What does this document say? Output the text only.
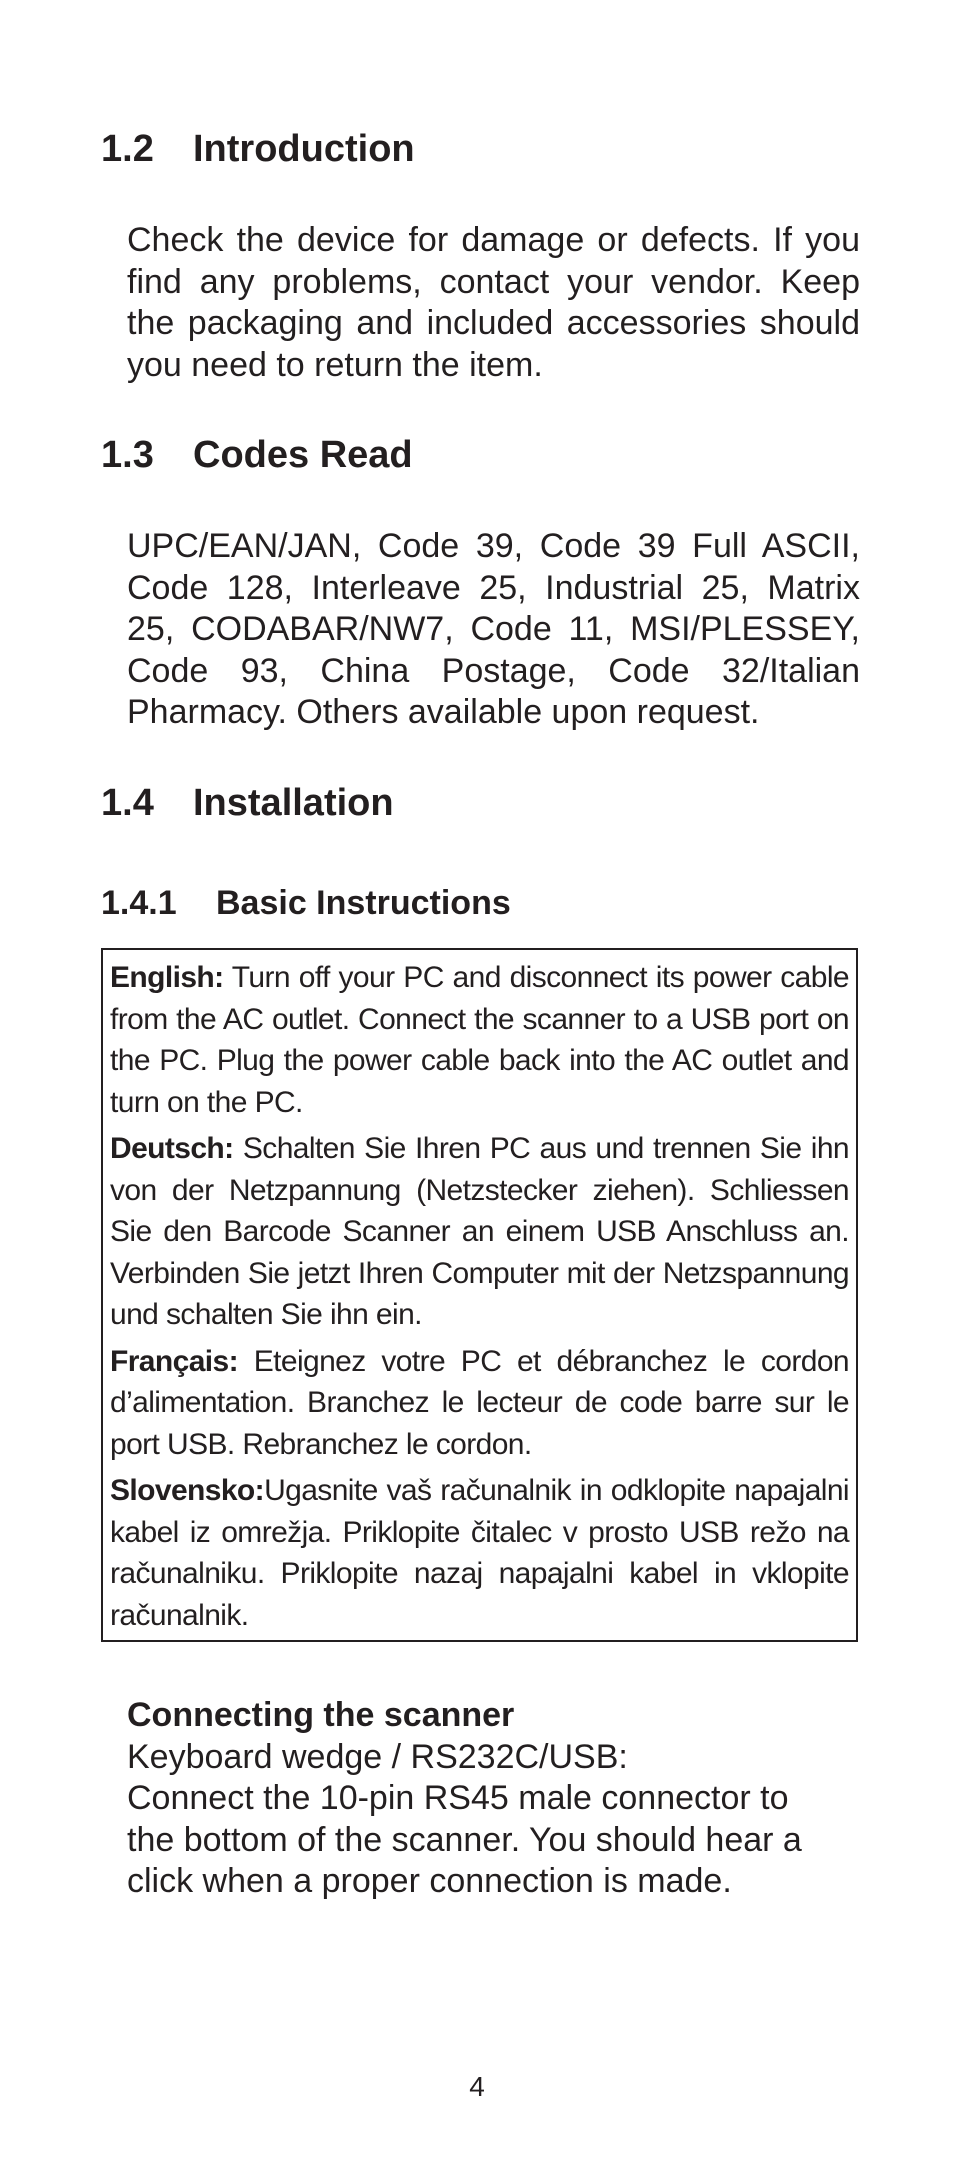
1.2 Introduction

Check the device for damage or defects. If you find any problems, contact your vendor. Keep the packaging and included accessories should you need to return the item.

1.3 Codes Read

UPC/EAN/JAN, Code 39, Code 39 Full ASCII, Code 128, Interleave 25, Industrial 25, Matrix 25, CODABAR/NW7, Code 11, MSI/PLESSEY, Code 93, China Postage, Code 32/Italian Pharmacy. Others available upon request.

1.4 Installation
1.4.1 Basic Instructions

English: Turn off your PC and disconnect its power cable from the AC outlet. Connect the scanner to a USB port on the PC. Plug the power cable back into the AC outlet and turn on the PC.

Deutsch: Schalten Sie Ihren PC aus und trennen Sie ihn von der Netzpannung (Netzstecker ziehen). Schliessen Sie den Barcode Scanner an einem USB Anschluss an. Verbinden Sie jetzt Ihren Computer mit der Netzspannung und schalten Sie ihn ein.

Français: Eteignez votre PC et débranchez le cordon d’alimentation. Branchez le lecteur de code barre sur le port USB. Rebranchez le cordon.

Slovensko:Ugasnite vaš računalnik in odklopite napajalni kabel iz omrežja. Priklopite čitalec v prosto USB režo na računalniku. Priklopite nazaj napajalni kabel in vklopite računalnik.

Connecting the scanner
Keyboard wedge / RS232C/USB:
Connect the 10-pin RS45 male connector to
the bottom of the scanner. You should hear a
click when a proper connection is made.
4
